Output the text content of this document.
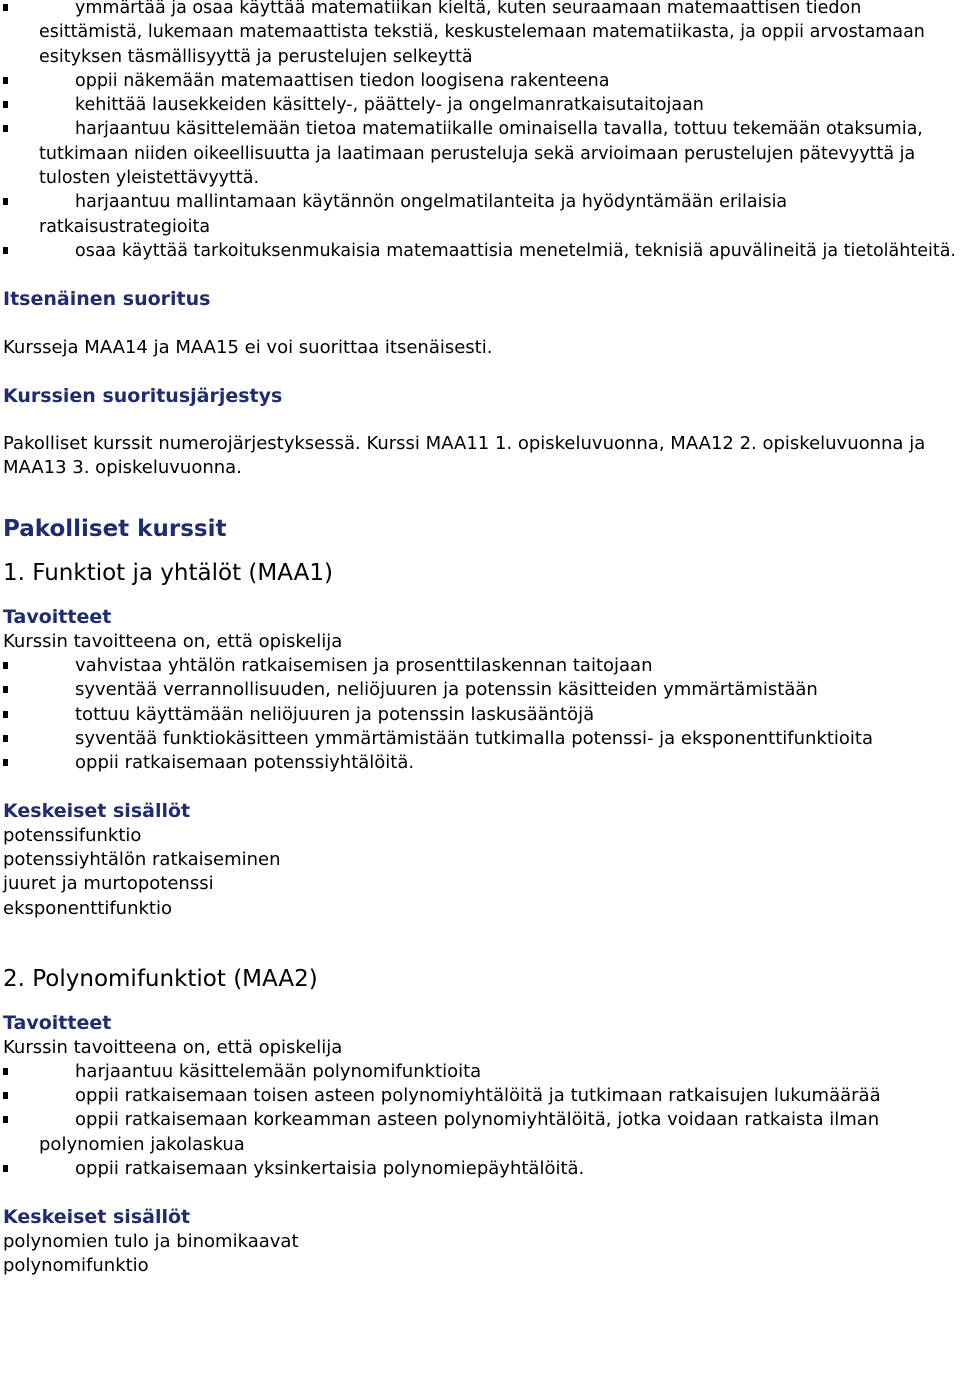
ymmärtää ja osaa käyttää matematiikan kieltä, kuten seuraamaan matemaattisen tiedon esittämistä, lukemaan matemaattista tekstiä, keskustelemaan matematiikasta, ja oppii arvostamaan esityksen täsmällisyyttä ja perustelujen selkeyttä
oppii näkemään matemaattisen tiedon loogisena rakenteena
kehittää lausekkeiden käsittely-, päättely- ja ongelmanratkaisutaitojaan
harjaantuu käsittelemään tietoa matematiikalle ominaisella tavalla, tottuu tekemään otaksumia, tutkimaan niiden oikeellisuutta ja laatimaan perusteluja sekä arvioimaan perustelujen pätevyyttä ja tulosten yleistettävyyttä.
harjaantuu mallintamaan käytännön ongelmatilanteita ja hyödyntämään erilaisia ratkaisustrategioita
osaa käyttää tarkoituksenmukaisia matemaattisia menetelmiä, teknisiä apuvälineitä ja tietolähteitä.

Itsenäinen suoritus

Kursseja MAA14 ja MAA15 ei voi suorittaa itsenäisesti.

Kurssien suoritusjärjestys

Pakolliset kurssit numerojärjestyksessä. Kurssi MAA11 1. opiskeluvuonna, MAA12 2. opiskeluvuonna ja MAA13 3. opiskeluvuonna.

Pakolliset kurssit

1. Funktiot ja yhtälöt (MAA1)

Tavoitteet

Kurssin tavoitteena on, että opiskelija

vahvistaa yhtälön ratkaisemisen ja prosenttilaskennan taitojaan
syventää verrannollisuuden, neliöjuuren ja potenssin käsitteiden ymmärtämistään
tottuu käyttämään neliöjuuren ja potenssin laskusääntöjä
syventää funktiokäsitteen ymmärtämistään tutkimalla potenssi- ja eksponenttifunktioita
oppii ratkaisemaan potenssiyhtälöitä.

Keskeiset sisällöt

potenssifunktio

potenssiyhtälön ratkaiseminen

juuret ja murtopotenssi

eksponenttifunktio

2. Polynomifunktiot (MAA2)

Tavoitteet

Kurssin tavoitteena on, että opiskelija

harjaantuu käsittelemään polynomifunktioita
oppii ratkaisemaan toisen asteen polynomiyhtälöitä ja tutkimaan ratkaisujen lukumäärää
oppii ratkaisemaan korkeamman asteen polynomiyhtälöitä, jotka voidaan ratkaista ilman polynomien jakolaskua
oppii ratkaisemaan yksinkertaisia polynomiepäyhtälöitä.

Keskeiset sisällöt

polynomien tulo ja binomikaavat

polynomifunktio
